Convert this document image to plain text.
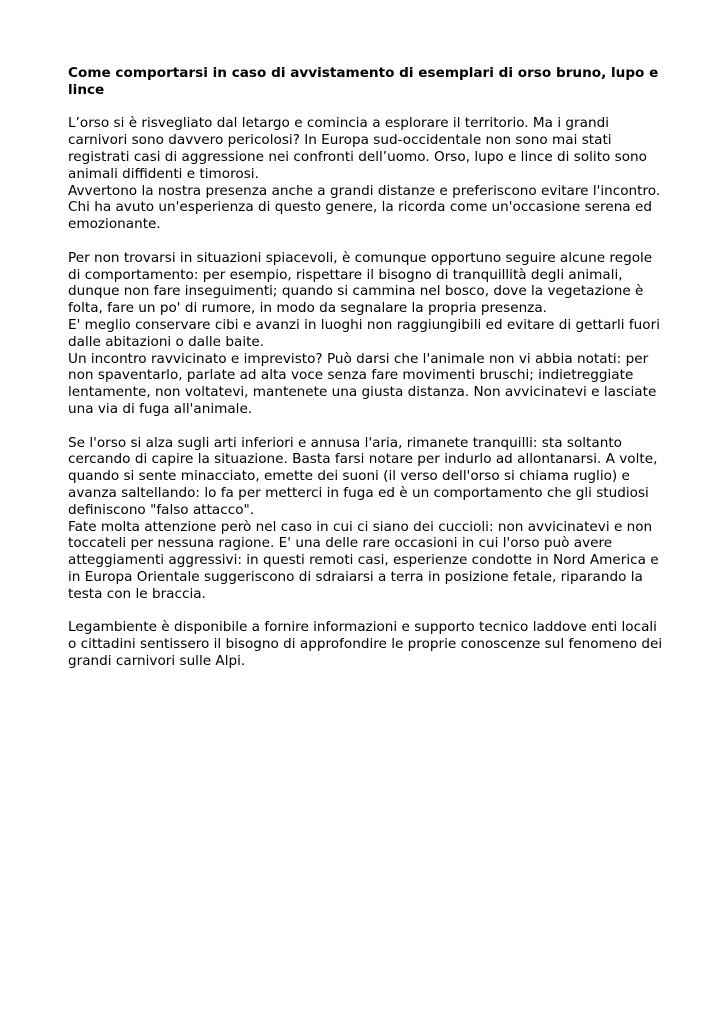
Come comportarsi in caso di avvistamento di esemplari di orso bruno, lupo e
lince
L’orso si è risvegliato dal letargo e comincia a esplorare il territorio. Ma i grandi
carnivori sono davvero pericolosi? In Europa sud-occidentale non sono mai stati
registrati casi di aggressione nei confronti dell’uomo. Orso, lupo e lince di solito sono
animali diffidenti e timorosi.
Avvertono la nostra presenza anche a grandi distanze e preferiscono evitare l'incontro.
Chi ha avuto un'esperienza di questo genere, la ricorda come un'occasione serena ed
emozionante.
Per non trovarsi in situazioni spiacevoli, è comunque opportuno seguire alcune regole
di comportamento: per esempio, rispettare il bisogno di tranquillità degli animali,
dunque non fare inseguimenti; quando si cammina nel bosco, dove la vegetazione è
folta, fare un po' di rumore, in modo da segnalare la propria presenza.
E' meglio conservare cibi e avanzi in luoghi non raggiungibili ed evitare di gettarli fuori
dalle abitazioni o dalle baite.
Un incontro ravvicinato e imprevisto? Può darsi che l'animale non vi abbia notati: per
non spaventarlo, parlate ad alta voce senza fare movimenti bruschi; indietreggiate
lentamente, non voltatevi, mantenete una giusta distanza. Non avvicinatevi e lasciate
una via di fuga all'animale.
Se l'orso si alza sugli arti inferiori e annusa l'aria, rimanete tranquilli: sta soltanto
cercando di capire la situazione. Basta farsi notare per indurlo ad allontanarsi. A volte,
quando si sente minacciato, emette dei suoni (il verso dell'orso si chiama ruglio) e
avanza saltellando: lo fa per metterci in fuga ed è un comportamento che gli studiosi
definiscono "falso attacco".
Fate molta attenzione però nel caso in cui ci siano dei cuccioli: non avvicinatevi e non
toccateli per nessuna ragione. E' una delle rare occasioni in cui l'orso può avere
atteggiamenti aggressivi: in questi remoti casi, esperienze condotte in Nord America e
in Europa Orientale suggeriscono di sdraiarsi a terra in posizione fetale, riparando la
testa con le braccia.
Legambiente è disponibile a fornire informazioni e supporto tecnico laddove enti locali
o cittadini sentissero il bisogno di approfondire le proprie conoscenze sul fenomeno dei
grandi carnivori sulle Alpi.
